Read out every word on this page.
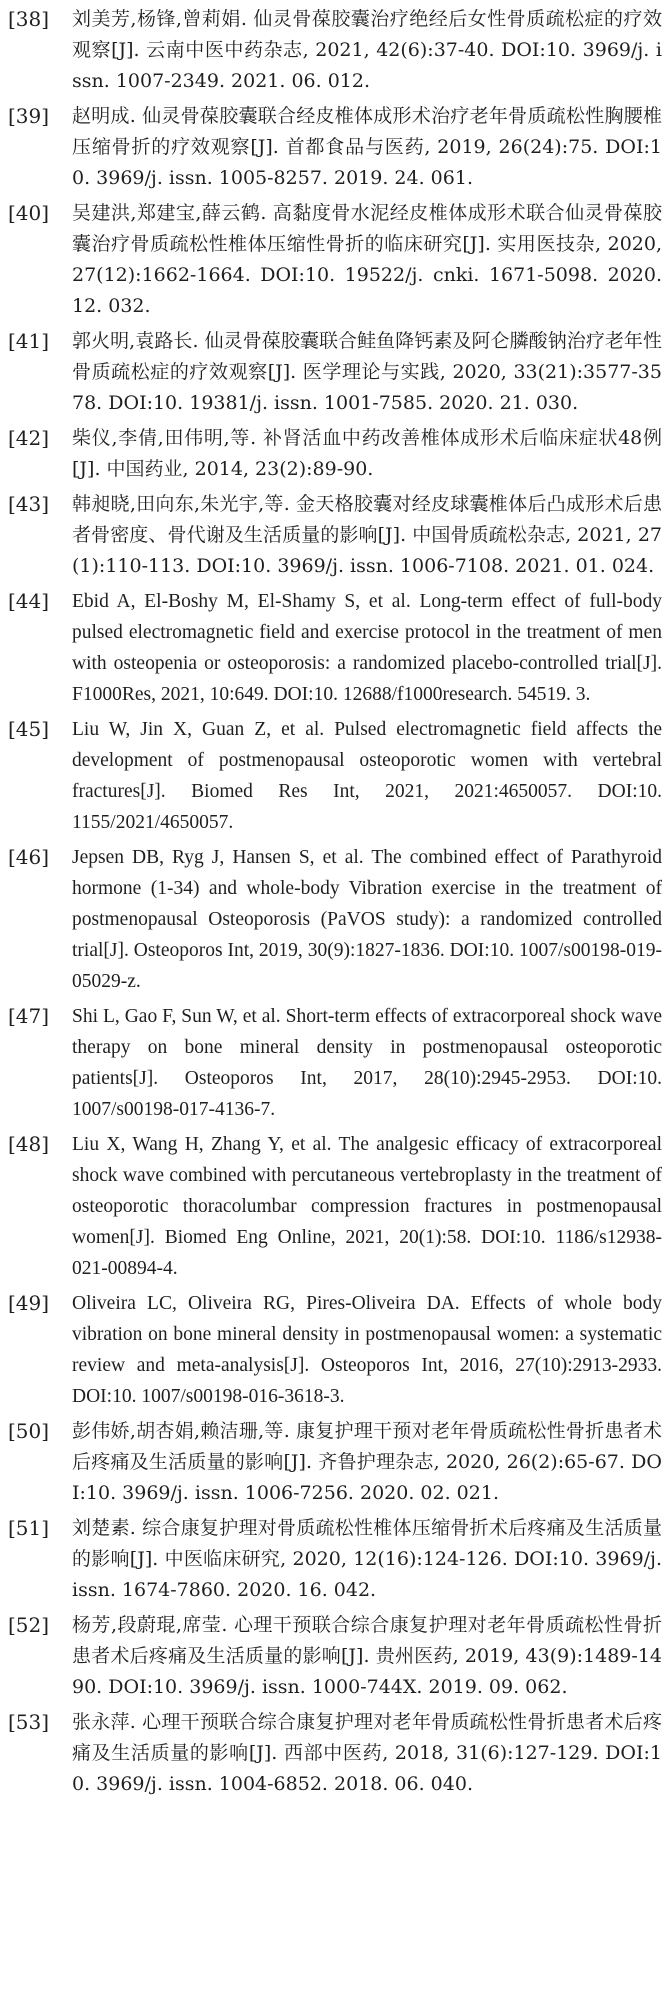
[38] 刘美芳,杨锋,曾莉娟. 仙灵骨葆胶囊治疗绝经后女性骨质疏松症的疗效观察[J]. 云南中医中药杂志, 2021, 42(6):37-40. DOI:10. 3969/j. issn. 1007-2349. 2021. 06. 012.
[39] 赵明成. 仙灵骨葆胶囊联合经皮椎体成形术治疗老年骨质疏松性胸腰椎压缩骨折的疗效观察[J]. 首都食品与医药, 2019, 26(24):75. DOI:10. 3969/j. issn. 1005-8257. 2019. 24. 061.
[40] 吴建洪,郑建宝,薛云鹤. 高黏度骨水泥经皮椎体成形术联合仙灵骨葆胶囊治疗骨质疏松性椎体压缩性骨折的临床研究[J]. 实用医技杂, 2020, 27(12):1662-1664. DOI:10. 19522/j. cnki. 1671-5098. 2020. 12. 032.
[41] 郭火明,袁路长. 仙灵骨葆胶囊联合鲑鱼降钙素及阿仑膦酸钠治疗老年性骨质疏松症的疗效观察[J]. 医学理论与实践, 2020, 33(21):3577-3578. DOI:10. 19381/j. issn. 1001-7585. 2020. 21. 030.
[42] 柴仪,李倩,田伟明,等. 补肾活血中药改善椎体成形术后临床症状48例[J]. 中国药业, 2014, 23(2):89-90.
[43] 韩昶晓,田向东,朱光宇,等. 金天格胶囊对经皮球囊椎体后凸成形术后患者骨密度、骨代谢及生活质量的影响[J]. 中国骨质疏松杂志, 2021, 27(1):110-113. DOI:10. 3969/j. issn. 1006-7108. 2021. 01. 024.
[44] Ebid A, El-Boshy M, El-Shamy S, et al. Long-term effect of full-body pulsed electromagnetic field and exercise protocol in the treatment of men with osteopenia or osteoporosis: a randomized placebo-controlled trial[J]. F1000Res, 2021, 10:649. DOI:10. 12688/f1000research. 54519. 3.
[45] Liu W, Jin X, Guan Z, et al. Pulsed electromagnetic field affects the development of postmenopausal osteoporotic women with vertebral fractures[J]. Biomed Res Int, 2021, 2021:4650057. DOI:10. 1155/2021/4650057.
[46] Jepsen DB, Ryg J, Hansen S, et al. The combined effect of Parathyroid hormone (1-34) and whole-body Vibration exercise in the treatment of postmenopausal Osteoporosis (PaVOS study): a randomized controlled trial[J]. Osteoporos Int, 2019, 30(9):1827-1836. DOI:10. 1007/s00198-019-05029-z.
[47] Shi L, Gao F, Sun W, et al. Short-term effects of extracorporeal shock wave therapy on bone mineral density in postmenopausal osteoporotic patients[J]. Osteoporos Int, 2017, 28(10):2945-2953. DOI:10. 1007/s00198-017-4136-7.
[48] Liu X, Wang H, Zhang Y, et al. The analgesic efficacy of extracorporeal shock wave combined with percutaneous vertebroplasty in the treatment of osteoporotic thoracolumbar compression fractures in postmenopausal women[J]. Biomed Eng Online, 2021, 20(1):58. DOI:10. 1186/s12938-021-00894-4.
[49] Oliveira LC, Oliveira RG, Pires-Oliveira DA. Effects of whole body vibration on bone mineral density in postmenopausal women: a systematic review and meta-analysis[J]. Osteoporos Int, 2016, 27(10):2913-2933. DOI:10. 1007/s00198-016-3618-3.
[50] 彭伟娇,胡杏娟,赖洁珊,等. 康复护理干预对老年骨质疏松性骨折患者术后疼痛及生活质量的影响[J]. 齐鲁护理杂志, 2020, 26(2):65-67. DOI:10. 3969/j. issn. 1006-7256. 2020. 02. 021.
[51] 刘楚素. 综合康复护理对骨质疏松性椎体压缩骨折术后疼痛及生活质量的影响[J]. 中医临床研究, 2020, 12(16):124-126. DOI:10. 3969/j. issn. 1674-7860. 2020. 16. 042.
[52] 杨芳,段蔚琨,席莹. 心理干预联合综合康复护理对老年骨质疏松性骨折患者术后疼痛及生活质量的影响[J]. 贵州医药, 2019, 43(9):1489-1490. DOI:10. 3969/j. issn. 1000-744X. 2019. 09. 062.
[53] 张永萍. 心理干预联合综合康复护理对老年骨质疏松性骨折患者术后疼痛及生活质量的影响[J]. 西部中医药, 2018, 31(6):127-129. DOI:10. 3969/j. issn. 1004-6852. 2018. 06. 040.
